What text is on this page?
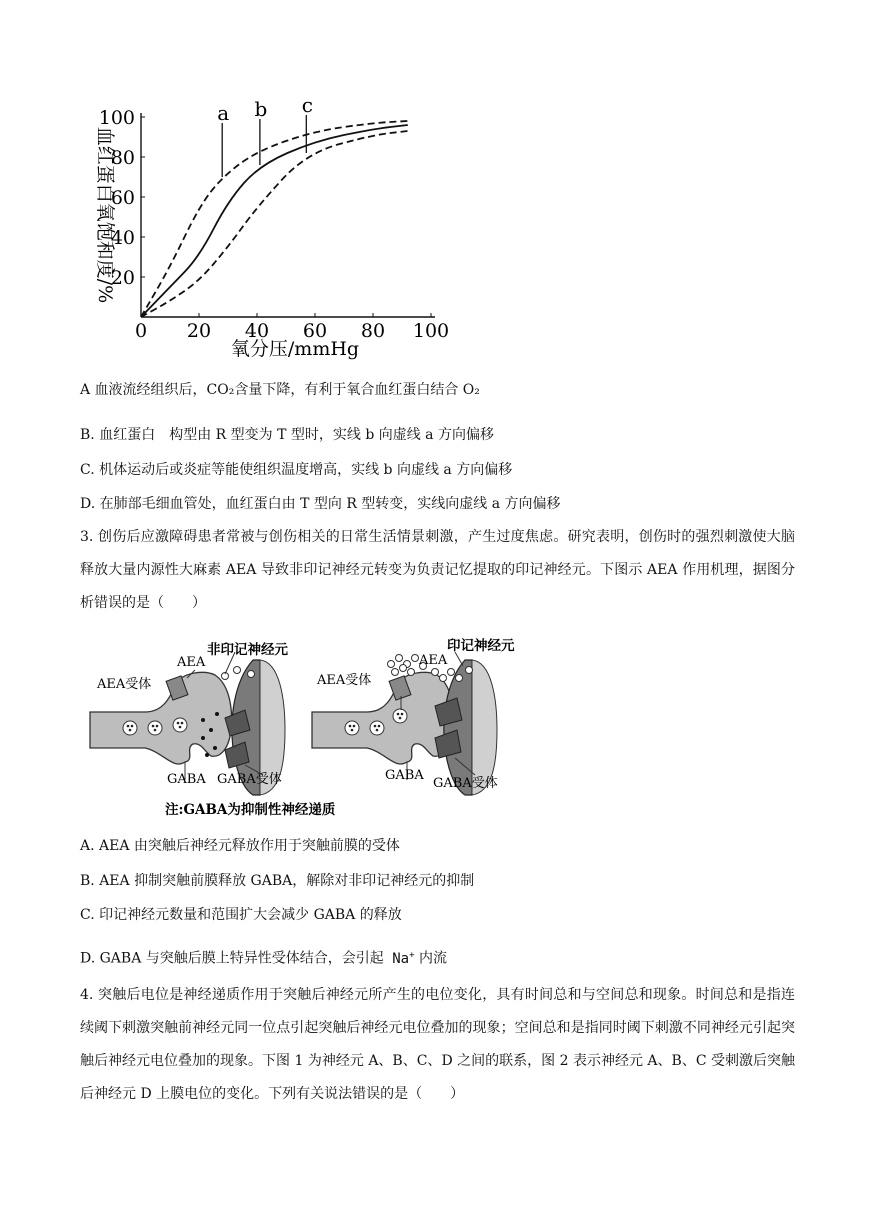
0 20 40 60 80 100
20
40
60
80
100	a b c
氧分压/mmHg
血红蛋白氧饱和度/%
A 血液流经组织后，CO₂含量下降，有利于氧合血红蛋白结合 O₂
B. 血红蛋白　构型由 R 型变为 T 型时，实线 b 向虚线 a 方向偏移
C. 机体运动后或炎症等能使组织温度增高，实线 b 向虚线 a 方向偏移
D. 在肺部毛细血管处，血红蛋白由 T 型向 R 型转变，实线向虚线 a 方向偏移
3. 创伤后应激障碍患者常被与创伤相关的日常生活情景刺激，产生过度焦虑。研究表明，创伤时的强烈刺激使大脑释放大量内源性大麻素 AEA 导致非印记神经元转变为负责记忆提取的印记神经元。下图示 AEA 作用机理，据图分析错误的是（　　）
非印记神经元
AEA
AEA受体
GABA GABA受体
印记神经元
AEA
AEA受体
GABA
GABA受体
注:GABA为抑制性神经递质
A. AEA 由突触后神经元释放作用于突触前膜的受体
B. AEA 抑制突触前膜释放 GABA，解除对非印记神经元的抑制
C. 印记神经元数量和范围扩大会减少 GABA 的释放
D. GABA 与突触后膜上特异性受体结合，会引起 Na+ 内流
4. 突触后电位是神经递质作用于突触后神经元所产生的电位变化，具有时间总和与空间总和现象。时间总和是指连续阈下刺激突触前神经元同一位点引起突触后神经元电位叠加的现象；空间总和是指同时阈下刺激不同神经元引起突触后神经元电位叠加的现象。下图 1 为神经元 A、B、C、D 之间的联系，图 2 表示神经元 A、B、C 受刺激后突触后神经元 D 上膜电位的变化。下列有关说法错误的是（　　）
